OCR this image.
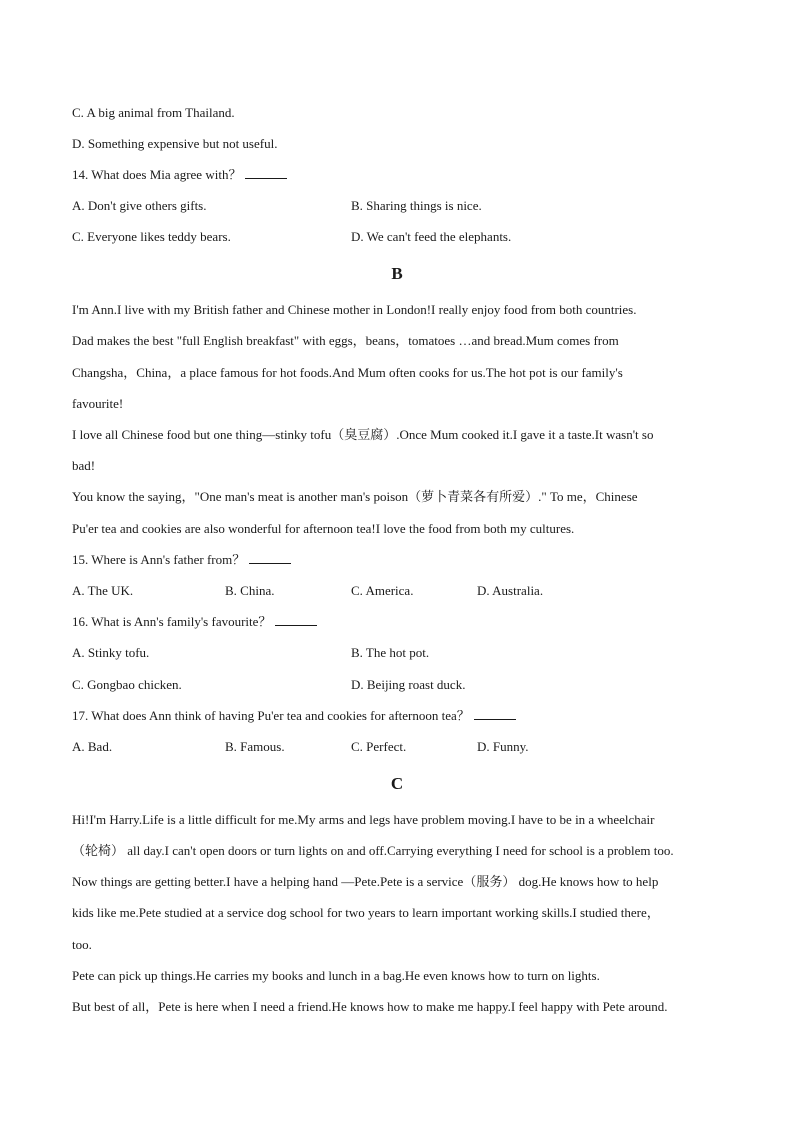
C. A big animal from Thailand.
D. Something expensive but not useful.
14. What does Mia agree with？
A. Don't give others gifts.	B. Sharing things is nice.
C. Everyone likes teddy bears.	D. We can't feed the elephants.
B
I'm Ann.I live with my British father and Chinese mother in London!I really enjoy food from both countries.
Dad makes the best "full English breakfast" with eggs，beans，tomatoes …and bread.Mum comes from
Changsha，China，a place famous for hot foods.And Mum often cooks for us.The hot pot is our family's
favourite!
I love all Chinese food but one thing—stinky tofu（臭豆腐）.Once Mum cooked it.I gave it a taste.It wasn't so
bad!
You know the saying，"One man's meat is another man's poison（萝卜青菜各有所爱）." To me，Chinese
Pu'er tea and cookies are also wonderful for afternoon tea!I love the food from both my cultures.
15. Where is Ann's father from？
A. The UK.	B. China.	C. America.	D. Australia.
16. What is Ann's family's favourite？
A. Stinky tofu.	B. The hot pot.
C. Gongbao chicken.	D. Beijing roast duck.
17. What does Ann think of having Pu'er tea and cookies for afternoon tea？
A. Bad.	B. Famous.	C. Perfect.	D. Funny.
C
Hi!I'm Harry.Life is a little difficult for me.My arms and legs have problem moving.I have to be in a wheelchair
（轮椅） all day.I can't open doors or turn lights on and off.Carrying everything I need for school is a problem too.
Now things are getting better.I have a helping hand —Pete.Pete is a service（服务） dog.He knows how to help
kids like me.Pete studied at a service dog school for two years to learn important working skills.I studied there，
too.
Pete can pick up things.He carries my books and lunch in a bag.He even knows how to turn on lights.
But best of all，Pete is here when I need a friend.He knows how to make me happy.I feel happy with Pete around.
